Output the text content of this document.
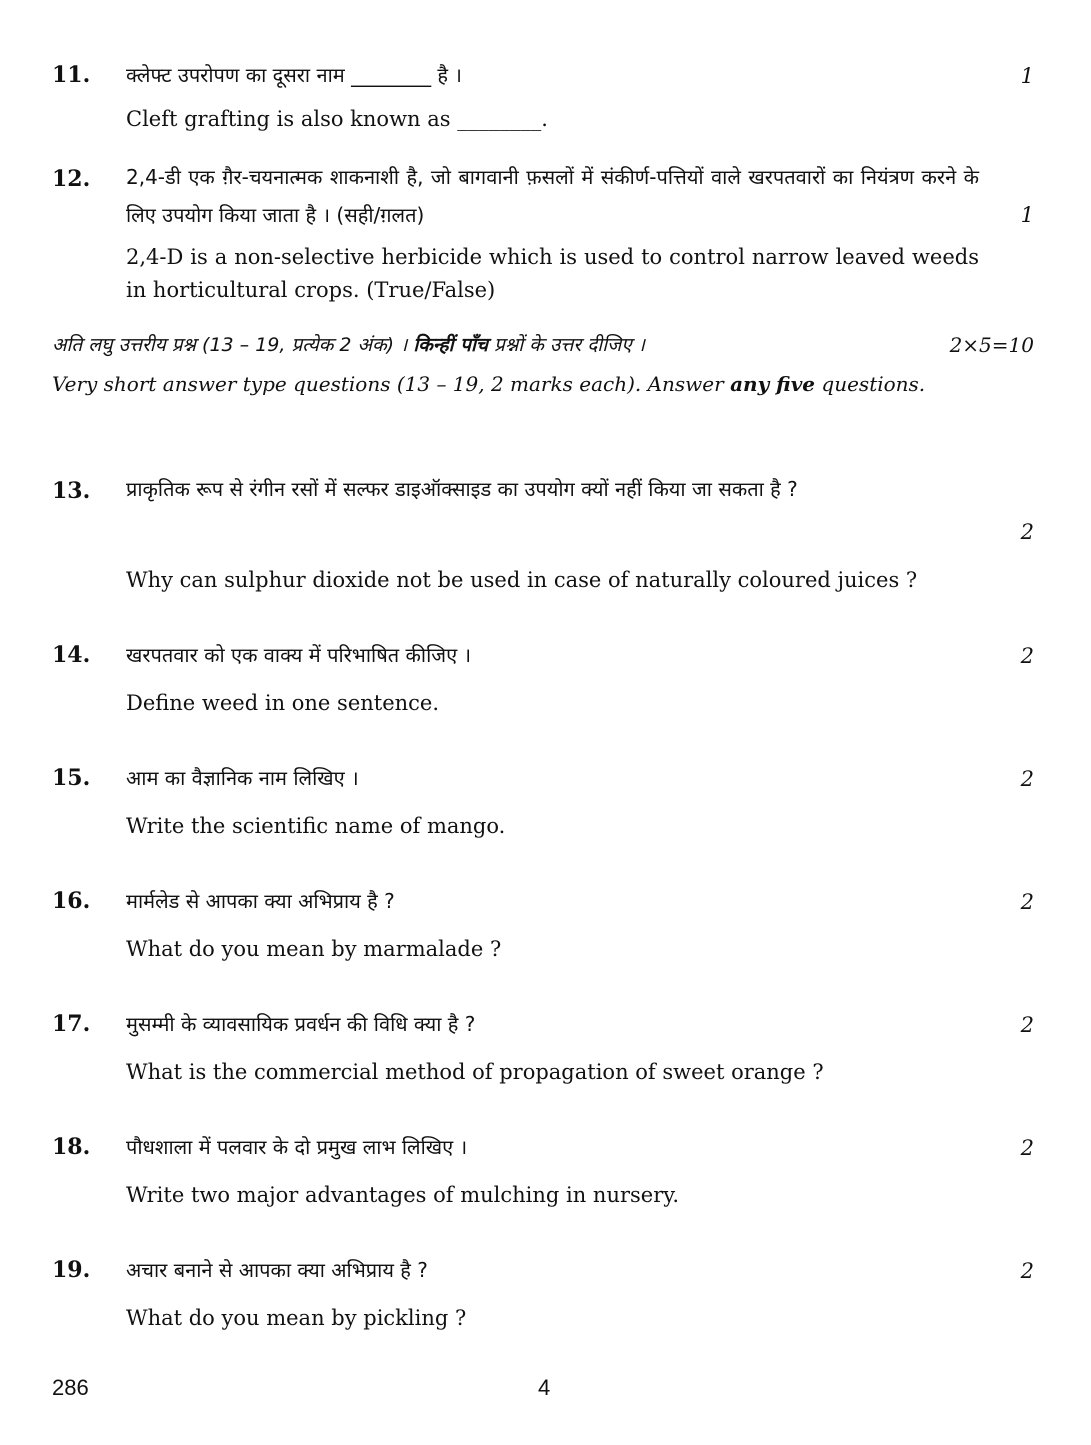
11. क्लेफ्ट उपरोपण का दूसरा नाम ________ है ।	1
Cleft grafting is also known as ________.
12. 2,4-डी एक ग़ैर-चयनात्मक शाकनाशी है, जो बागवानी फ़सलों में संकीर्ण-पत्तियों वाले खरपतवारों का नियंत्रण करने के लिए उपयोग किया जाता है । (सही/ग़लत)	1
2,4-D is a non-selective herbicide which is used to control narrow leaved weeds in horticultural crops. (True/False)
अति लघु उत्तरीय प्रश्न (13 – 19, प्रत्येक 2 अंक) । किन्हीं पाँच प्रश्नों के उत्तर दीजिए ।	2×5=10
Very short answer type questions (13 – 19, 2 marks each). Answer any five questions.
13. प्राकृतिक रूप से रंगीन रसों में सल्फर डाइऑक्साइड का उपयोग क्यों नहीं किया जा सकता है ?
2
Why can sulphur dioxide not be used in case of naturally coloured juices ?
14. खरपतवार को एक वाक्य में परिभाषित कीजिए ।	2
Define weed in one sentence.
15. आम का वैज्ञानिक नाम लिखिए ।	2
Write the scientific name of mango.
16. मार्मलेड से आपका क्या अभिप्राय है ?	2
What do you mean by marmalade ?
17. मुसम्मी के व्यावसायिक प्रवर्धन की विधि क्या है ?	2
What is the commercial method of propagation of sweet orange ?
18. पौधशाला में पलवार के दो प्रमुख लाभ लिखिए ।	2
Write two major advantages of mulching in nursery.
19. अचार बनाने से आपका क्या अभिप्राय है ?	2
What do you mean by pickling ?
286	4
